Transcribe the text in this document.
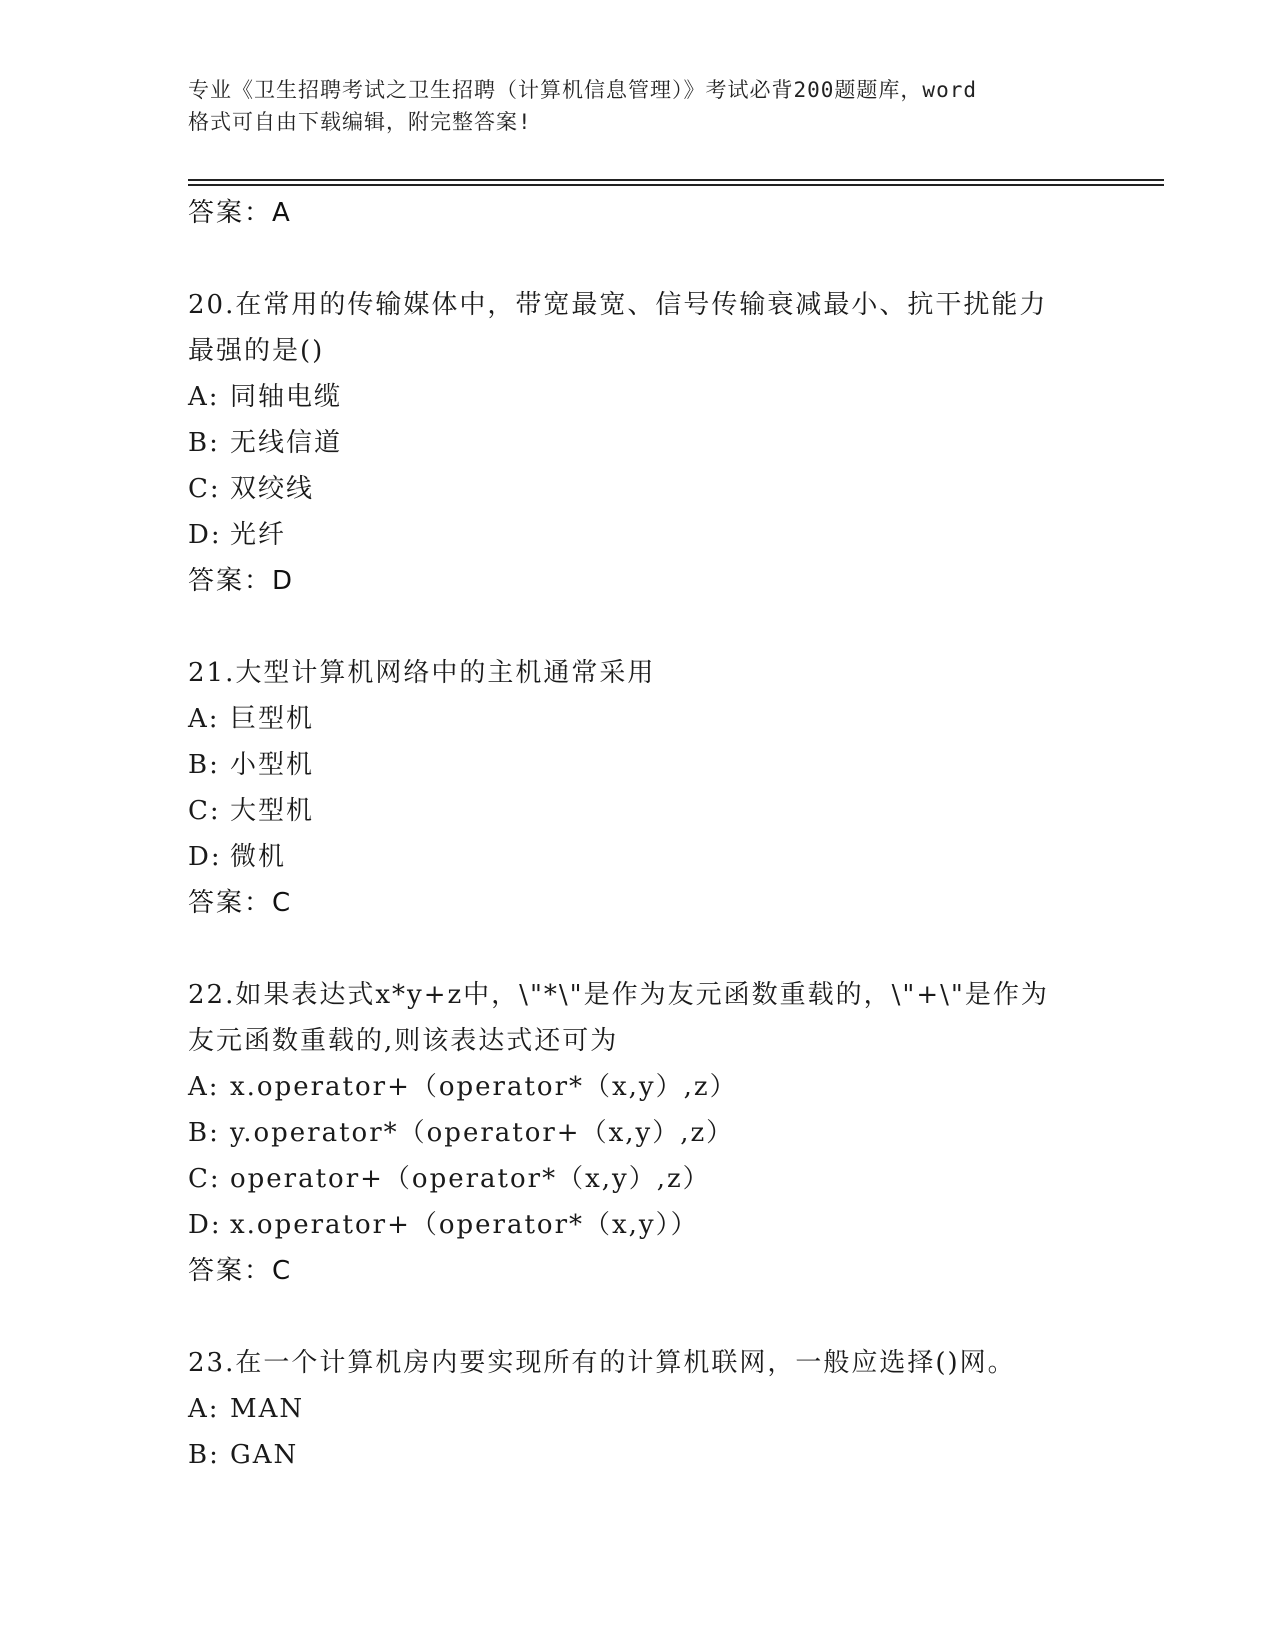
专业《卫生招聘考试之卫生招聘（计算机信息管理）》考试必背200题题库，word
格式可自由下载编辑，附完整答案!
答案：A
20.在常用的传输媒体中，带宽最宽、信号传输衰减最小、抗干扰能力
最强的是()
A: 同轴电缆
B: 无线信道
C: 双绞线
D: 光纤
答案：D
21.大型计算机网络中的主机通常采用
A: 巨型机
B: 小型机
C: 大型机
D: 微机
答案：C
22.如果表达式x*y+z中，\"*\"是作为友元函数重载的，\"+\"是作为
友元函数重载的,则该表达式还可为
A: x.operator+（operator*（x,y）,z）
B: y.operator*（operator+（x,y）,z）
C: operator+（operator*（x,y）,z）
D: x.operator+（operator*（x,y））
答案：C
23.在一个计算机房内要实现所有的计算机联网，一般应选择()网。
A: MAN
B: GAN
